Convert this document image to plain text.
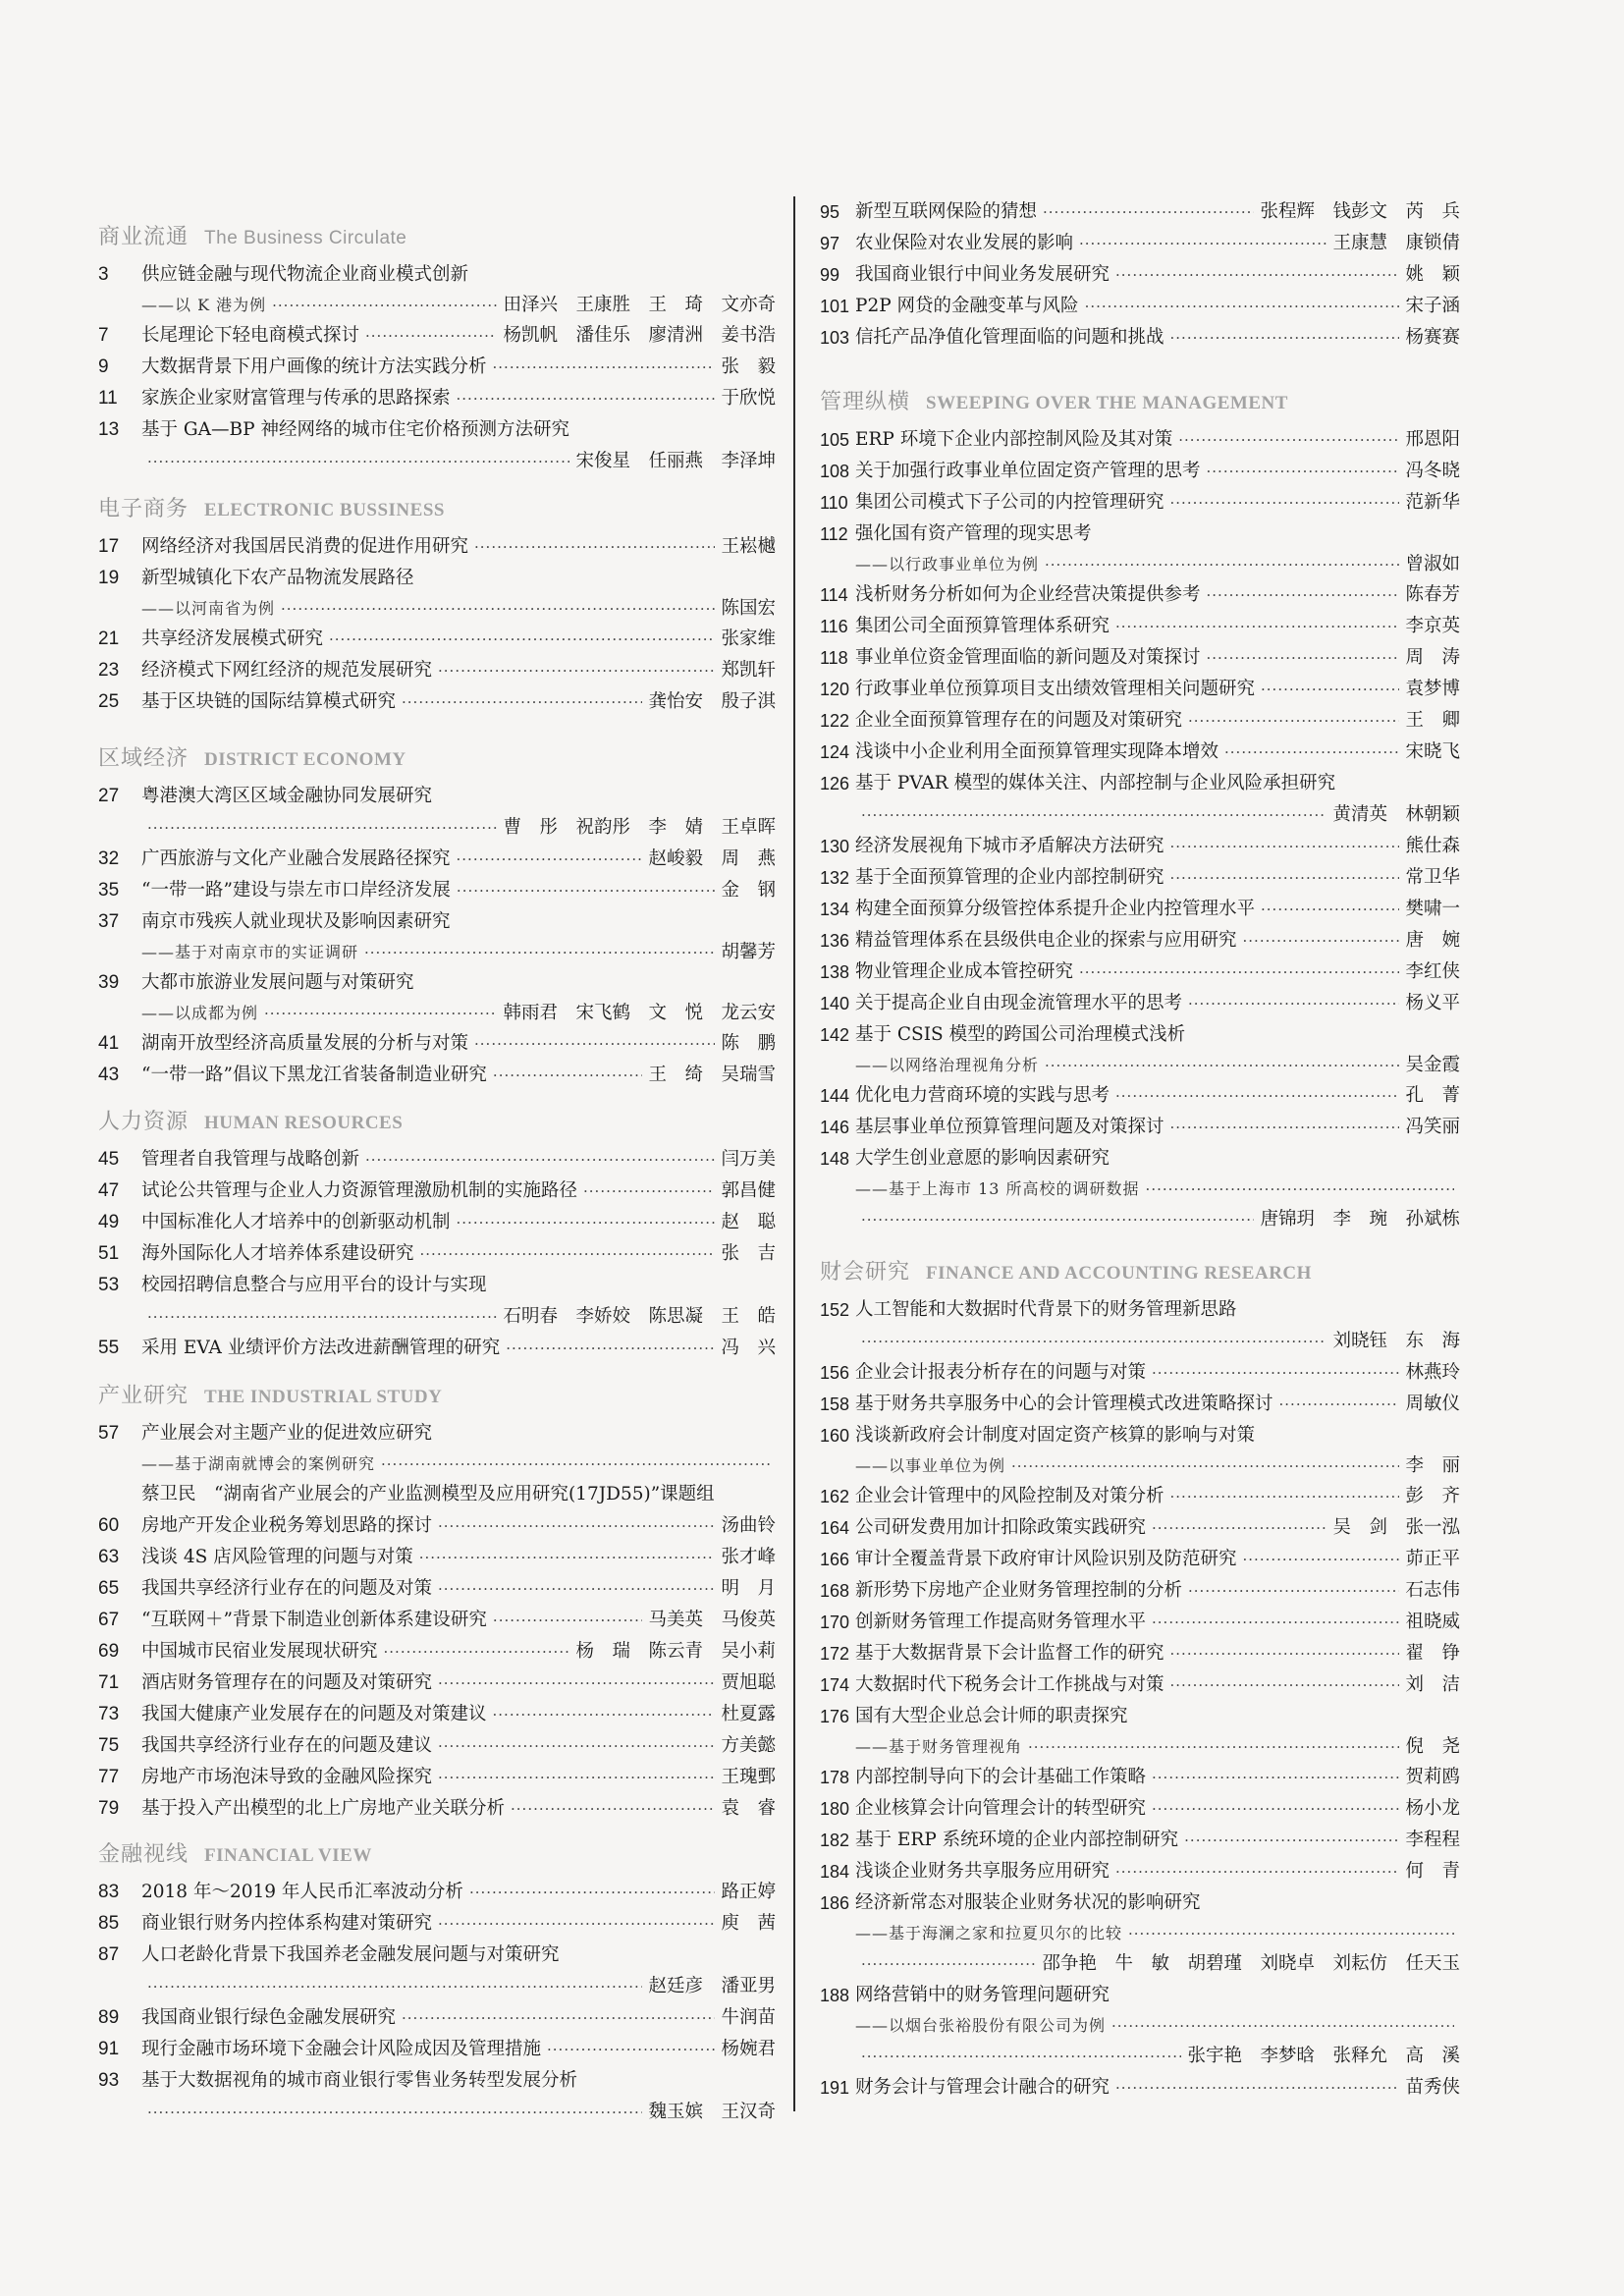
商业流通 The Business Circulate
3	供应链金融与现代物流企业商业模式创新
——以 K 港为例 ·····	田泽兴　王康胜　王　琦　文亦奇
7	长尾理论下轻电商模式探讨 ·····	杨凯帆　潘佳乐　廖清洲　姜书浩
9	大数据背景下用户画像的统计方法实践分析 ·····	张　毅
11	家族企业家财富管理与传承的思路探索 ·····	于欣悦
13	基于 GA—BP 神经网络的城市住宅价格预测方法研究
·····
宋俊星　任丽燕　李泽坤
电子商务 ELECTRONIC BUSSINESS
17	网络经济对我国居民消费的促进作用研究 ·····	王崧樾
19	新型城镇化下农产品物流发展路径
——以河南省为例 ·····	陈国宏
21	共享经济发展模式研究 ·····	张家维
23	经济模式下网红经济的规范发展研究 ·····	郑凯轩
25	基于区块链的国际结算模式研究 ·····	龚怡安　殷子淇
区域经济 DISTRICT ECONOMY
27	粤港澳大湾区区域金融协同发展研究
·····
曹　彤　祝韵彤　李　婧　王卓晖
32	广西旅游与文化产业融合发展路径探究 ·····	赵峻毅　周　燕
35	“一带一路”建设与崇左市口岸经济发展 ·····	金　钢
37	南京市残疾人就业现状及影响因素研究
——基于对南京市的实证调研 ·····	胡馨芳
39	大都市旅游业发展问题与对策研究
——以成都为例 ·····	韩雨君　宋飞鹤　文　悦　龙云安
41	湖南开放型经济高质量发展的分析与对策 ·····	陈　鹏
43	“一带一路”倡议下黑龙江省装备制造业研究 ·····	王　绮　吴瑞雪
人力资源 HUMAN RESOURCES
45	管理者自我管理与战略创新 ·····	闫万美
47	试论公共管理与企业人力资源管理激励机制的实施路径 ·····	郭昌健
49	中国标准化人才培养中的创新驱动机制 ·····	赵　聪
51	海外国际化人才培养体系建设研究 ·····	张　吉
53	校园招聘信息整合与应用平台的设计与实现
·····
石明春　李娇姣　陈思凝　王　皓
55	采用 EVA 业绩评价方法改进薪酬管理的研究 ·····	冯　兴
产业研究 THE INDUSTRIAL STUDY
57	产业展会对主题产业的促进效应研究
——基于湖南就博会的案例研究
·····
蔡卫民　“湖南省产业展会的产业监测模型及应用研究(17JD55)”课题组
60	房地产开发企业税务筹划思路的探讨 ·····	汤曲铃
63	浅谈 4S 店风险管理的问题与对策 ·····	张才峰
65	我国共享经济行业存在的问题及对策 ·····	明　月
67	“互联网＋”背景下制造业创新体系建设研究 ·····	马美英　马俊英
69	中国城市民宿业发展现状研究 ·····	杨　瑞　陈云青　吴小莉
71	酒店财务管理存在的问题及对策研究 ·····	贾旭聪
73	我国大健康产业发展存在的问题及对策建议 ·····	杜夏露
75	我国共享经济行业存在的问题及建议 ·····	方美懿
77	房地产市场泡沫导致的金融风险探究 ·····	王瑰鄄
79	基于投入产出模型的北上广房地产业关联分析 ·····	袁　睿
金融视线 FINANCIAL VIEW
83	2018 年～2019 年人民币汇率波动分析 ·····	路正婷
85	商业银行财务内控体系构建对策研究 ·····	庾　茜
87	人口老龄化背景下我国养老金融发展问题与对策研究
·····
赵廷彦　潘亚男
89	我国商业银行绿色金融发展研究 ·····	牛润苗
91	现行金融市场环境下金融会计风险成因及管理措施 ·····	杨婉君
93	基于大数据视角的城市商业银行零售业务转型发展分析
·····
魏玉嫔　王汉奇
95 新型互联网保险的猜想 ·····	张程辉　钱彭文　芮　兵
97 农业保险对农业发展的影响 ·····	王康慧　康锁倩
99 我国商业银行中间业务发展研究 ·····	姚　颖
101 P2P 网贷的金融变革与风险 ·····	宋子涵
103 信托产品净值化管理面临的问题和挑战 ·····	杨赛赛
管理纵横 SWEEPING OVER THE MANAGEMENT
105 ERP 环境下企业内部控制风险及其对策 ·····	邢恩阳
108 关于加强行政事业单位固定资产管理的思考 ·····	冯冬晓
110 集团公司模式下子公司的内控管理研究 ·····	范新华
112 强化国有资产管理的现实思考
——以行政事业单位为例 ·····	曾淑如
114 浅析财务分析如何为企业经营决策提供参考 ·····	陈春芳
116 集团公司全面预算管理体系研究 ·····	李京英
118 事业单位资金管理面临的新问题及对策探讨 ·····	周　涛
120 行政事业单位预算项目支出绩效管理相关问题研究 ·····	袁梦博
122 企业全面预算管理存在的问题及对策研究 ·····	王　卿
124 浅谈中小企业利用全面预算管理实现降本增效 ·····	宋晓飞
126 基于 PVAR 模型的媒体关注、内部控制与企业风险承担研究
·····
黄清英　林朝颖
130 经济发展视角下城市矛盾解决方法研究 ·····	熊仕森
132 基于全面预算管理的企业内部控制研究 ·····	常卫华
134 构建全面预算分级管控体系提升企业内控管理水平 ·····	樊啸一
136 精益管理体系在县级供电企业的探索与应用研究 ·····	唐　婉
138 物业管理企业成本管控研究 ·····	李红侠
140 关于提高企业自由现金流管理水平的思考 ·····	杨义平
142 基于 CSIS 模型的跨国公司治理模式浅析
——以网络治理视角分析 ·····	吴金霞
144 优化电力营商环境的实践与思考 ·····	孔　菁
146 基层事业单位预算管理问题及对策探讨 ·····	冯笑丽
148 大学生创业意愿的影响因素研究
——基于上海市 13 所高校的调研数据
·····
·····
唐锦玥　李　琬　孙斌栋
财会研究 FINANCE AND ACCOUNTING RESEARCH
152 人工智能和大数据时代背景下的财务管理新思路
·····
刘晓钰　东　海
156 企业会计报表分析存在的问题与对策 ·····	林燕玲
158 基于财务共享服务中心的会计管理模式改进策略探讨 ·····	周敏仪
160 浅谈新政府会计制度对固定资产核算的影响与对策
——以事业单位为例 ·····	李　丽
162 企业会计管理中的风险控制及对策分析 ·····	彭　齐
164 公司研发费用加计扣除政策实践研究 ·····	吴　剑　张一泓
166 审计全覆盖背景下政府审计风险识别及防范研究 ·····	茆正平
168 新形势下房地产企业财务管理控制的分析 ·····	石志伟
170 创新财务管理工作提高财务管理水平 ·····	祖晓威
172 基于大数据背景下会计监督工作的研究 ·····	翟　铮
174 大数据时代下税务会计工作挑战与对策 ·····	刘　洁
176 国有大型企业总会计师的职责探究
——基于财务管理视角 ·····	倪　尧
178 内部控制导向下的会计基础工作策略 ·····	贺莉鸥
180 企业核算会计向管理会计的转型研究 ·····	杨小龙
182 基于 ERP 系统环境的企业内部控制研究 ·····	李程程
184 浅谈企业财务共享服务应用研究 ·····	何　青
186 经济新常态对服装企业财务状况的影响研究
——基于海澜之家和拉夏贝尔的比较
·····
·····
邵争艳　牛　敏　胡碧瑾　刘晓卓　刘耘仿　任天玉
188 网络营销中的财务管理问题研究
——以烟台张裕股份有限公司为例
·····
·····
张宇艳　李梦晗　张释允　高　溪
191 财务会计与管理会计融合的研究 ·····	苗秀侠
